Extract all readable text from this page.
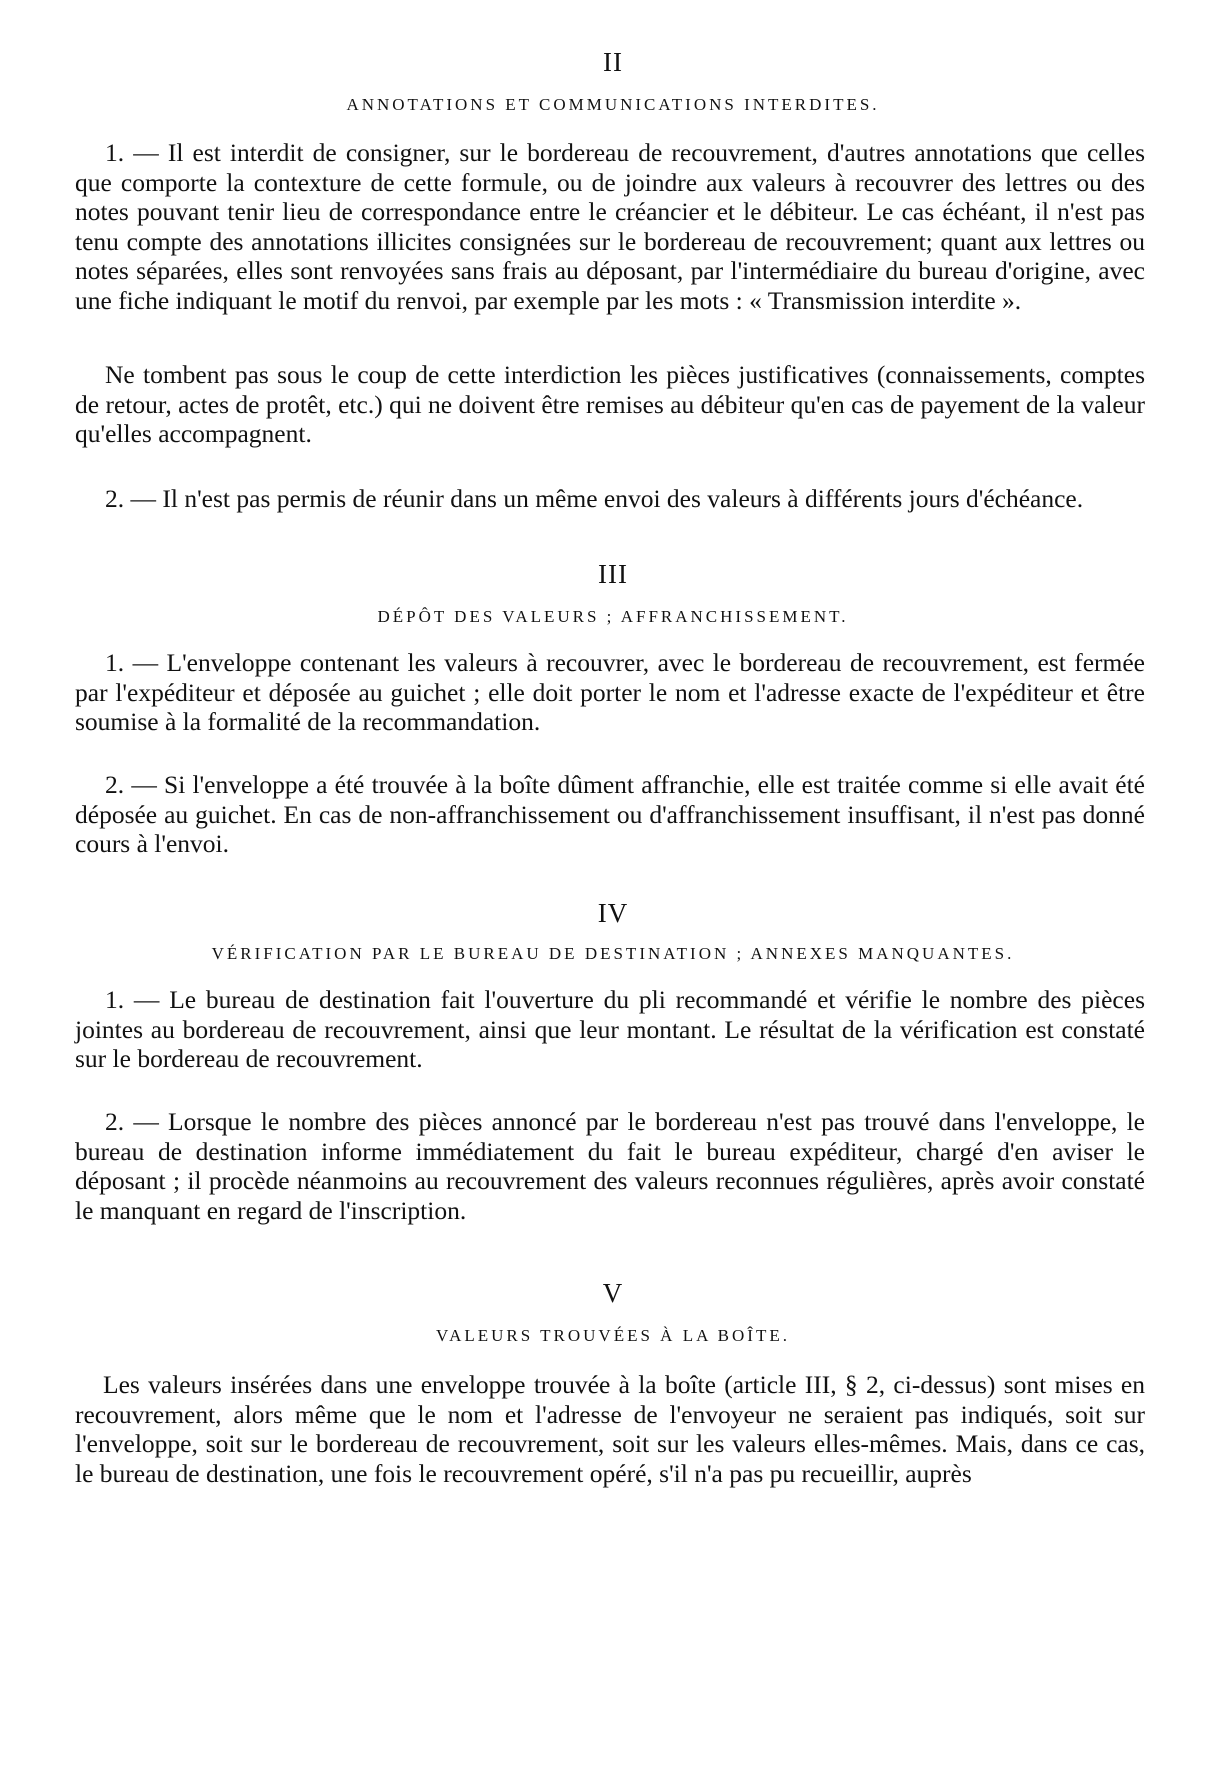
II
ANNOTATIONS ET COMMUNICATIONS INTERDITES.

1. — Il est interdit de consigner, sur le bordereau de recouvrement, d'autres annotations que celles que comporte la contexture de cette formule, ou de joindre aux valeurs à recouvrer des lettres ou des notes pouvant tenir lieu de correspondance entre le créancier et le débiteur. Le cas échéant, il n'est pas tenu compte des annotations illicites consignées sur le bordereau de recouvrement; quant aux lettres ou notes séparées, elles sont renvoyées sans frais au déposant, par l'intermédiaire du bureau d'origine, avec une fiche indiquant le motif du renvoi, par exemple par les mots : « Transmission interdite ».

Ne tombent pas sous le coup de cette interdiction les pièces justificatives (connaissements, comptes de retour, actes de protêt, etc.) qui ne doivent être remises au débiteur qu'en cas de payement de la valeur qu'elles accompagnent.

2. — Il n'est pas permis de réunir dans un même envoi des valeurs à différents jours d'échéance.

III
DÉPÔT DES VALEURS ; AFFRANCHISSEMENT.

1. — L'enveloppe contenant les valeurs à recouvrer, avec le bordereau de recouvrement, est fermée par l'expéditeur et déposée au guichet ; elle doit porter le nom et l'adresse exacte de l'expéditeur et être soumise à la formalité de la recommandation.

2. — Si l'enveloppe a été trouvée à la boîte dûment affranchie, elle est traitée comme si elle avait été déposée au guichet. En cas de non-affranchissement ou d'affranchissement insuffisant, il n'est pas donné cours à l'envoi.

IV
VÉRIFICATION PAR LE BUREAU DE DESTINATION ; ANNEXES MANQUANTES.

1. — Le bureau de destination fait l'ouverture du pli recommandé et vérifie le nombre des pièces jointes au bordereau de recouvrement, ainsi que leur montant. Le résultat de la vérification est constaté sur le bordereau de recouvrement.

2. — Lorsque le nombre des pièces annoncé par le bordereau n'est pas trouvé dans l'enveloppe, le bureau de destination informe immédiatement du fait le bureau expéditeur, chargé d'en aviser le déposant ; il procède néanmoins au recouvrement des valeurs reconnues régulières, après avoir constaté le manquant en regard de l'inscription.

V
VALEURS TROUVÉES À LA BOÎTE.

Les valeurs insérées dans une enveloppe trouvée à la boîte (article III, § 2, ci-dessus) sont mises en recouvrement, alors même que le nom et l'adresse de l'envoyeur ne seraient pas indiqués, soit sur l'enveloppe, soit sur le bordereau de recouvrement, soit sur les valeurs elles-mêmes. Mais, dans ce cas, le bureau de destination, une fois le recouvrement opéré, s'il n'a pas pu recueillir, auprès
